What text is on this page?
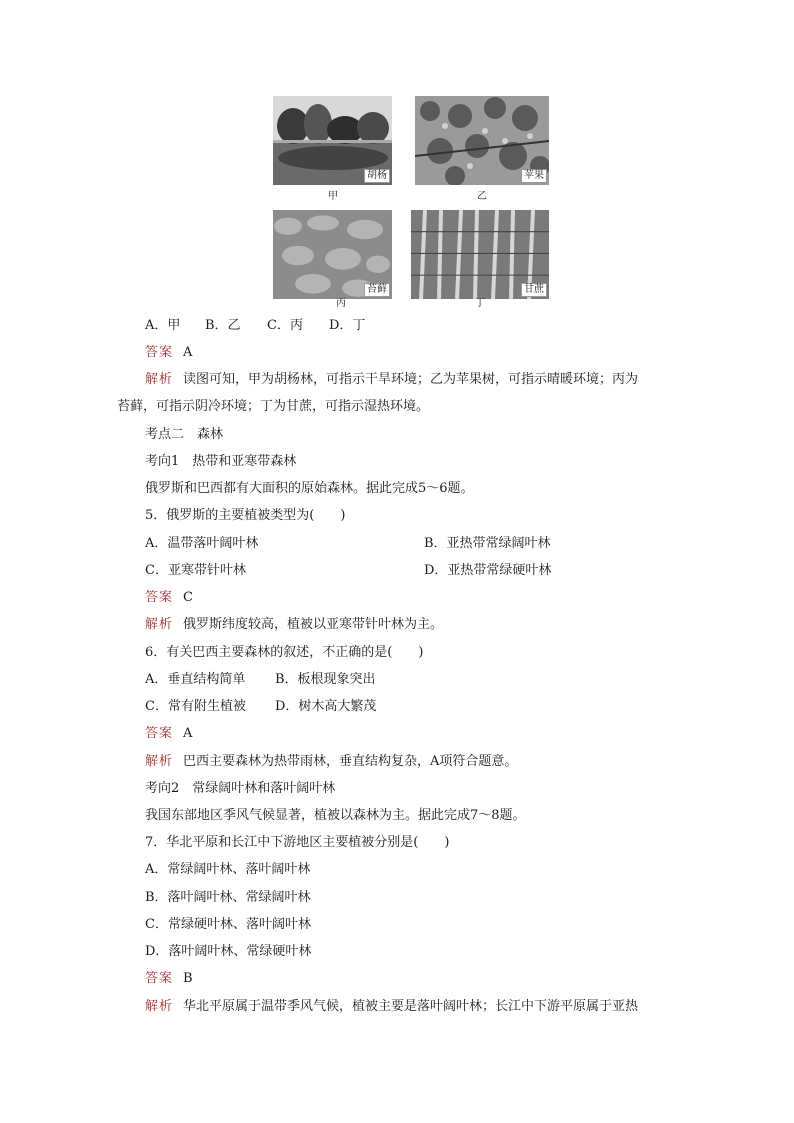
胡杨
甲
苹果
乙
苔藓
丙
甘蔗
丁
A．甲 B．乙 C．丙 D．丁
答案 A
解析 读图可知，甲为胡杨林，可指示干旱环境；乙为苹果树，可指示晴暖环境；丙为
苔藓，可指示阴冷环境；丁为甘蔗，可指示湿热环境。
考点二　森林
考向1　热带和亚寒带森林
俄罗斯和巴西都有大面积的原始森林。据此完成5～6题。
5．俄罗斯的主要植被类型为(　　)
A．温带落叶阔叶林	B．亚热带常绿阔叶林
C．亚寒带针叶林	D．亚热带常绿硬叶林
答案 C
解析 俄罗斯纬度较高，植被以亚寒带针叶林为主。
6．有关巴西主要森林的叙述，不正确的是(　　)
A．垂直结构简单 B．板根现象突出
C．常有附生植被 D．树木高大繁茂
答案 A
解析 巴西主要森林为热带雨林，垂直结构复杂，A项符合题意。
考向2　常绿阔叶林和落叶阔叶林
我国东部地区季风气候显著，植被以森林为主。据此完成7～8题。
7．华北平原和长江中下游地区主要植被分别是(　　)
A．常绿阔叶林、落叶阔叶林
B．落叶阔叶林、常绿阔叶林
C．常绿硬叶林、落叶阔叶林
D．落叶阔叶林、常绿硬叶林
答案 B
解析 华北平原属于温带季风气候，植被主要是落叶阔叶林；长江中下游平原属于亚热
